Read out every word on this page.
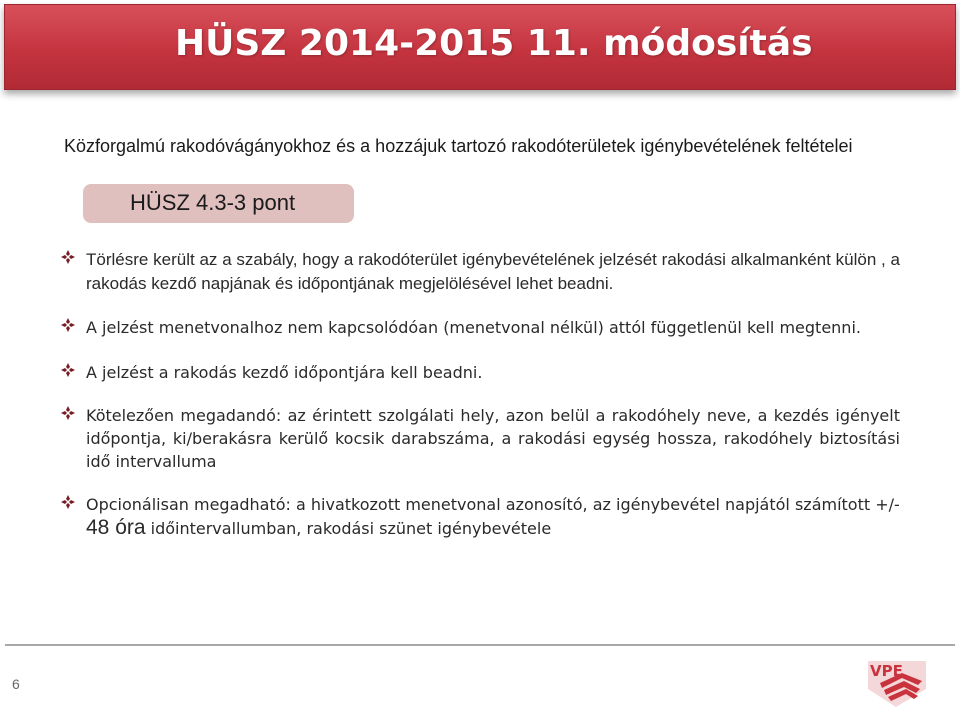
HÜSZ 2014-2015 11. módosítás
Közforgalmú rakodóvágányokhoz és a hozzájuk tartozó rakodóterületek igénybevételének feltételei
HÜSZ 4.3-3 pont
Törlésre került az a szabály, hogy a rakodóterület igénybevételének jelzését rakodási alkalmanként külön , a rakodás kezdő napjának és időpontjának megjelölésével lehet beadni.
A jelzést menetvonalhoz nem kapcsolódóan (menetvonal nélkül) attól függetlenül kell megtenni.
A jelzést a rakodás kezdő időpontjára kell beadni.
Kötelezően megadandó: az érintett szolgálati hely, azon belül a rakodóhely neve, a kezdés igényelt időpontja, ki/berakásra kerülő kocsik darabszáma, a rakodási egység hossza, rakodóhely biztosítási idő intervalluma
Opcionálisan megadható: a hivatkozott menetvonal azonosító, az igénybevétel napjától számított +/- 48 óra időintervallumban, rakodási szünet igénybevétele
6
VPE
